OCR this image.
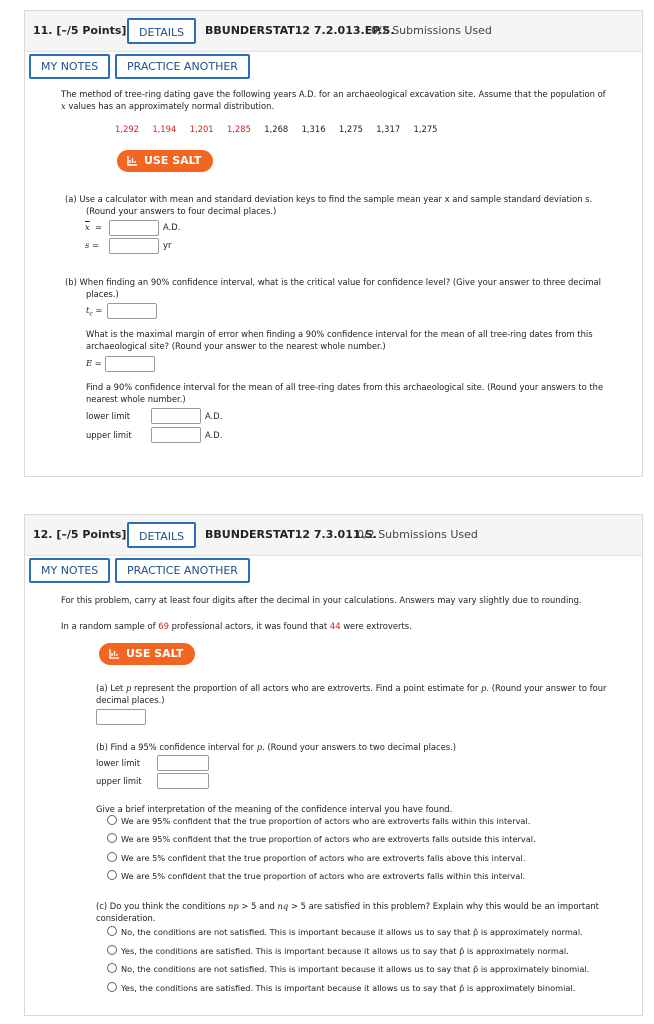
11. [–/5 Points]	DETAILS	BBUNDERSTAT12 7.2.013.EP.S.
0/2 Submissions Used
MY NOTES	PRACTICE ANOTHER
The method of tree-ring dating gave the following years A.D. for an archaeological excavation site. Assume that the population of
x values has an approximately normal distribution.
1,292 1,194 1,201 1,285 1,268 1,316 1,275 1,317 1,275
USE SALT
(a) Use a calculator with mean and standard deviation keys to find the sample mean year x and sample standard deviation s.
(Round your answers to four decimal places.)
$\overline{x}$  =	A.D.
s =	yr
(b) When finding an 90% confidence interval, what is the critical value for confidence level? (Give your answer to three decimal
places.)
$t_c$ =
What is the maximal margin of error when finding a 90% confidence interval for the mean of all tree-ring dates from this
archaeological site? (Round your answer to the nearest whole number.)
E =
Find a 90% confidence interval for the mean of all tree-ring dates from this archaeological site. (Round your answers to the
nearest whole number.)
lower limit	A.D.
upper limit	A.D.
12. [–/5 Points]	DETAILS	BBUNDERSTAT12 7.3.011.S.
0/2 Submissions Used
MY NOTES	PRACTICE ANOTHER
For this problem, carry at least four digits after the decimal in your calculations. Answers may vary slightly due to rounding.
In a random sample of 69 professional actors, it was found that 44 were extroverts.
USE SALT
(a) Let p represent the proportion of all actors who are extroverts. Find a point estimate for p. (Round your answer to four
decimal places.)
(b) Find a 95% confidence interval for p. (Round your answers to two decimal places.)
lower limit
upper limit
Give a brief interpretation of the meaning of the confidence interval you have found.
We are 95% confident that the true proportion of actors who are extroverts falls within this interval.
We are 95% confident that the true proportion of actors who are extroverts falls outside this interval.
We are 5% confident that the true proportion of actors who are extroverts falls above this interval.
We are 5% confident that the true proportion of actors who are extroverts falls within this interval.
(c) Do you think the conditions np > 5 and nq > 5 are satisfied in this problem? Explain why this would be an important
consideration.
No, the conditions are not satisfied. This is important because it allows us to say that p̂ is approximately normal.
Yes, the conditions are satisfied. This is important because it allows us to say that p̂ is approximately normal.
No, the conditions are not satisfied. This is important because it allows us to say that p̂ is approximately binomial.
Yes, the conditions are satisfied. This is important because it allows us to say that p̂ is approximately binomial.
